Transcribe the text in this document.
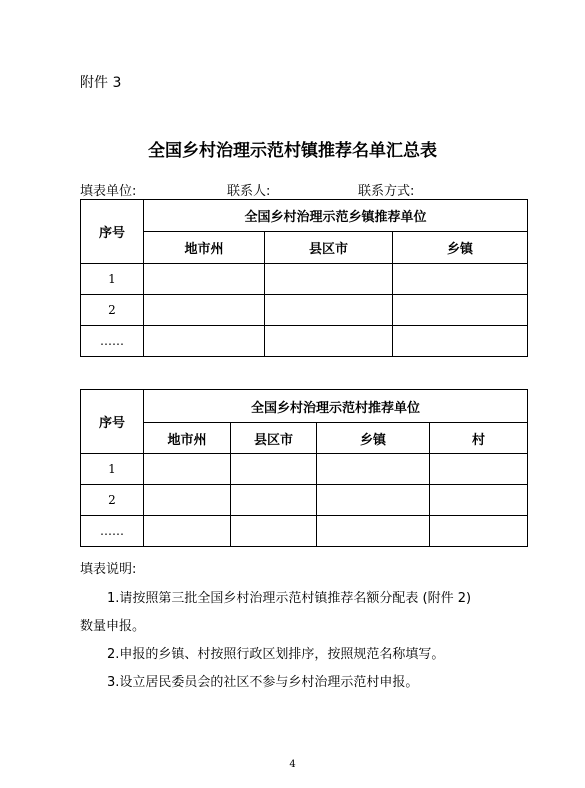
附件 3
全国乡村治理示范村镇推荐名单汇总表
填表单位:	联系人:	联系方式:
序号	全国乡村治理示范乡镇推荐单位		
	地市州	县区市	乡镇
1			
2			
……			
序号	全国乡村治理示范村推荐单位			
	地市州	县区市	乡镇	村
1				
2				
……				
填表说明:
1.请按照第三批全国乡村治理示范村镇推荐名额分配表 (附件 2)
数量申报。
2.申报的乡镇、村按照行政区划排序，按照规范名称填写。
3.设立居民委员会的社区不参与乡村治理示范村申报。
4
